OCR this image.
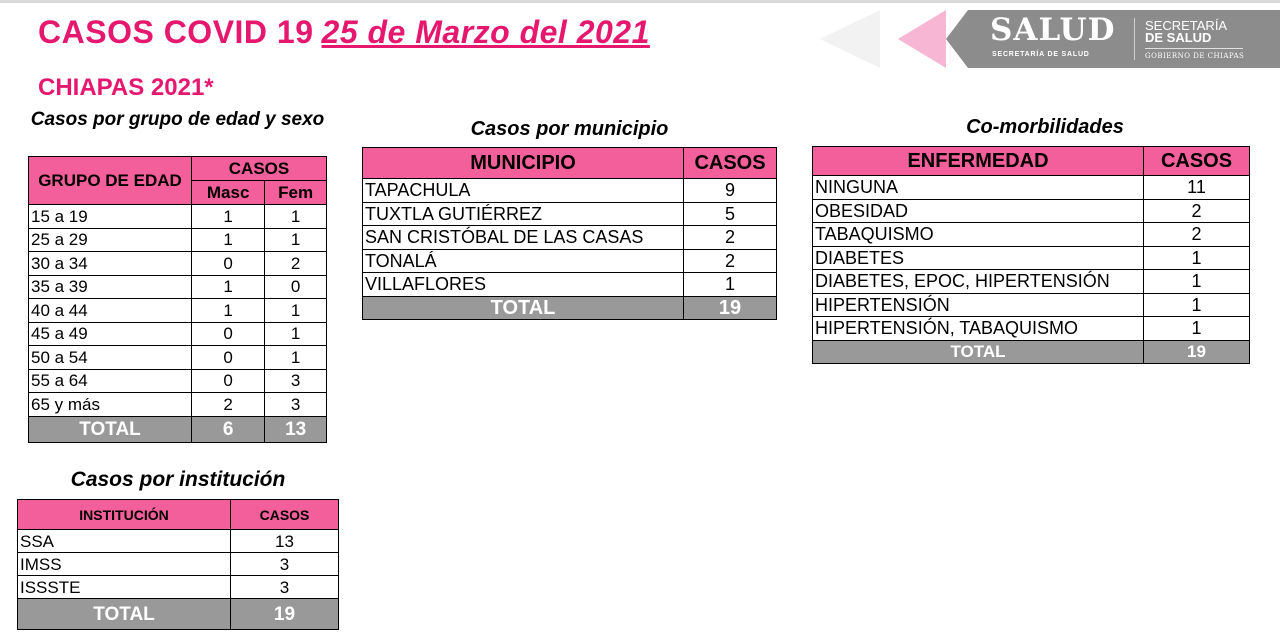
CASOS COVID 19 25 de Marzo del 2021
CHIAPAS 2021*
SALUD
SECRETARÍA DE SALUD
SECRETARÍA
DE SALUD
GOBIERNO DE CHIAPAS
Casos por grupo de edad y sexo
GRUPO DE EDAD	CASOS	
	Masc	Fem
15 a 19	1	1
25 a 29	1	1
30 a 34	0	2
35 a 39	1	0
40 a 44	1	1
45 a 49	0	1
50 a 54	0	1
55 a 64	0	3
65 y más	2	3
TOTAL	6	13
Casos por municipio
MUNICIPIO	CASOS
TAPACHULA	9
TUXTLA GUTIÉRREZ	5
SAN CRISTÓBAL DE LAS CASAS	2
TONALÁ	2
VILLAFLORES	1
TOTAL	19
Co-morbilidades
ENFERMEDAD	CASOS
NINGUNA	11
OBESIDAD	2
TABAQUISMO	2
DIABETES	1
DIABETES, EPOC, HIPERTENSIÓN	1
HIPERTENSIÓN	1
HIPERTENSIÓN, TABAQUISMO	1
TOTAL	19
Casos por institución
INSTITUCIÓN	CASOS
SSA	13
IMSS	3
ISSSTE	3
TOTAL	19
